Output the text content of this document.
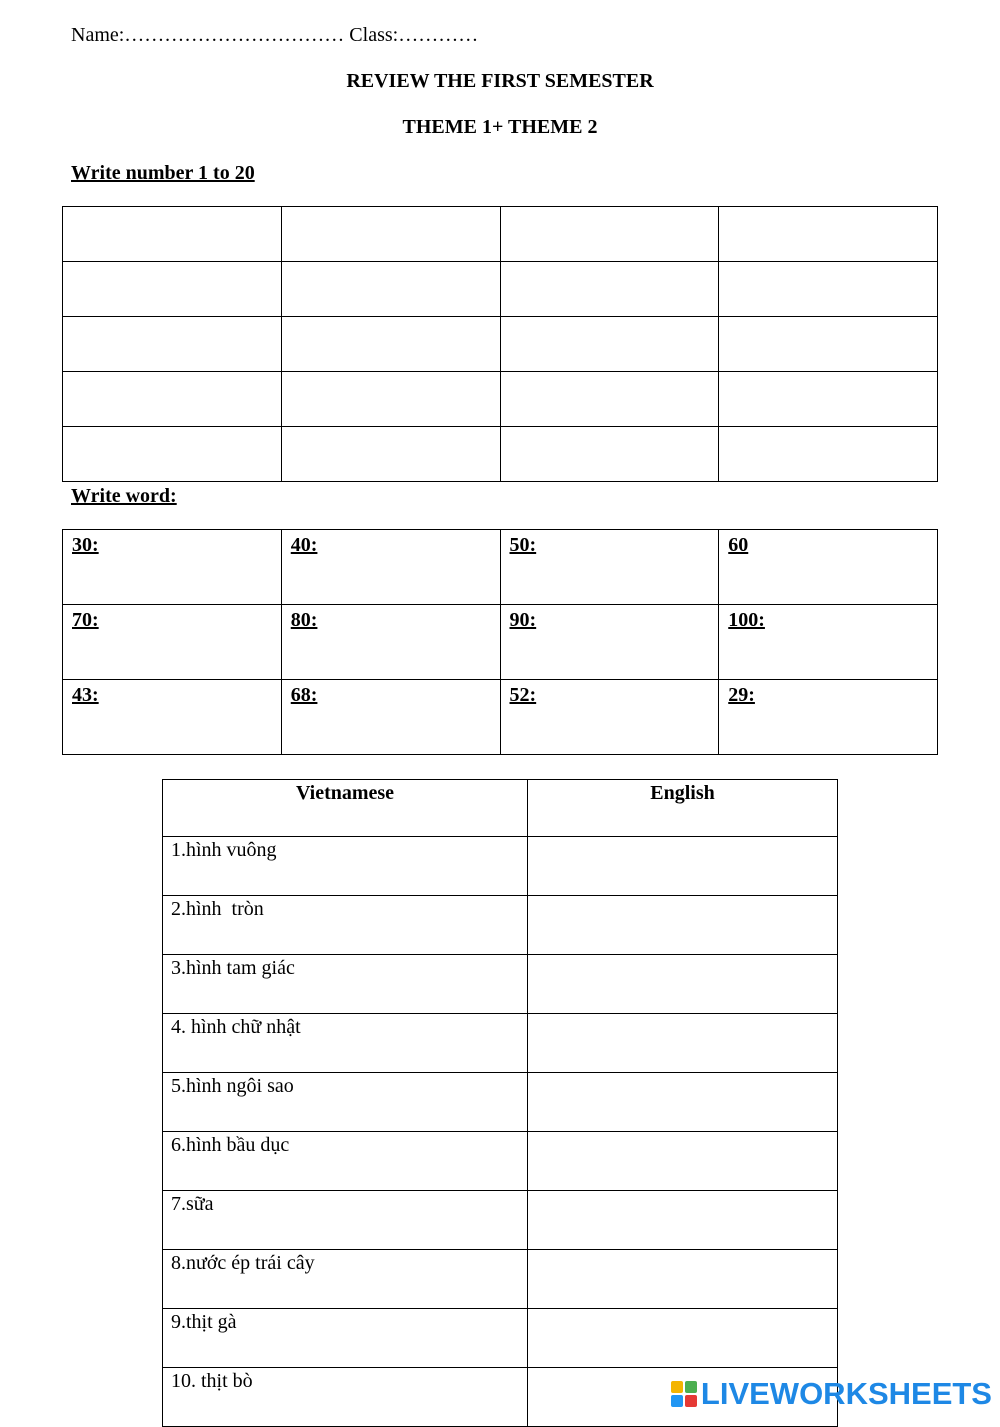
Name:…………………………… Class:…………
REVIEW THE FIRST SEMESTER
THEME 1+ THEME 2
Write number 1 to 20

Write word:
30:	40:	50:	60
70:	80:	90:	100:
43:	68:	52:	29:
Vietnamese	English
1.hình vuông	
2.hình  tròn	
3.hình tam giác	
4. hình chữ nhật	
5.hình ngôi sao	
6.hình bầu dục	
7.sữa	
8.nước ép trái cây	
9.thịt gà	
10. thịt bò		LIVEWORKSHEETS
